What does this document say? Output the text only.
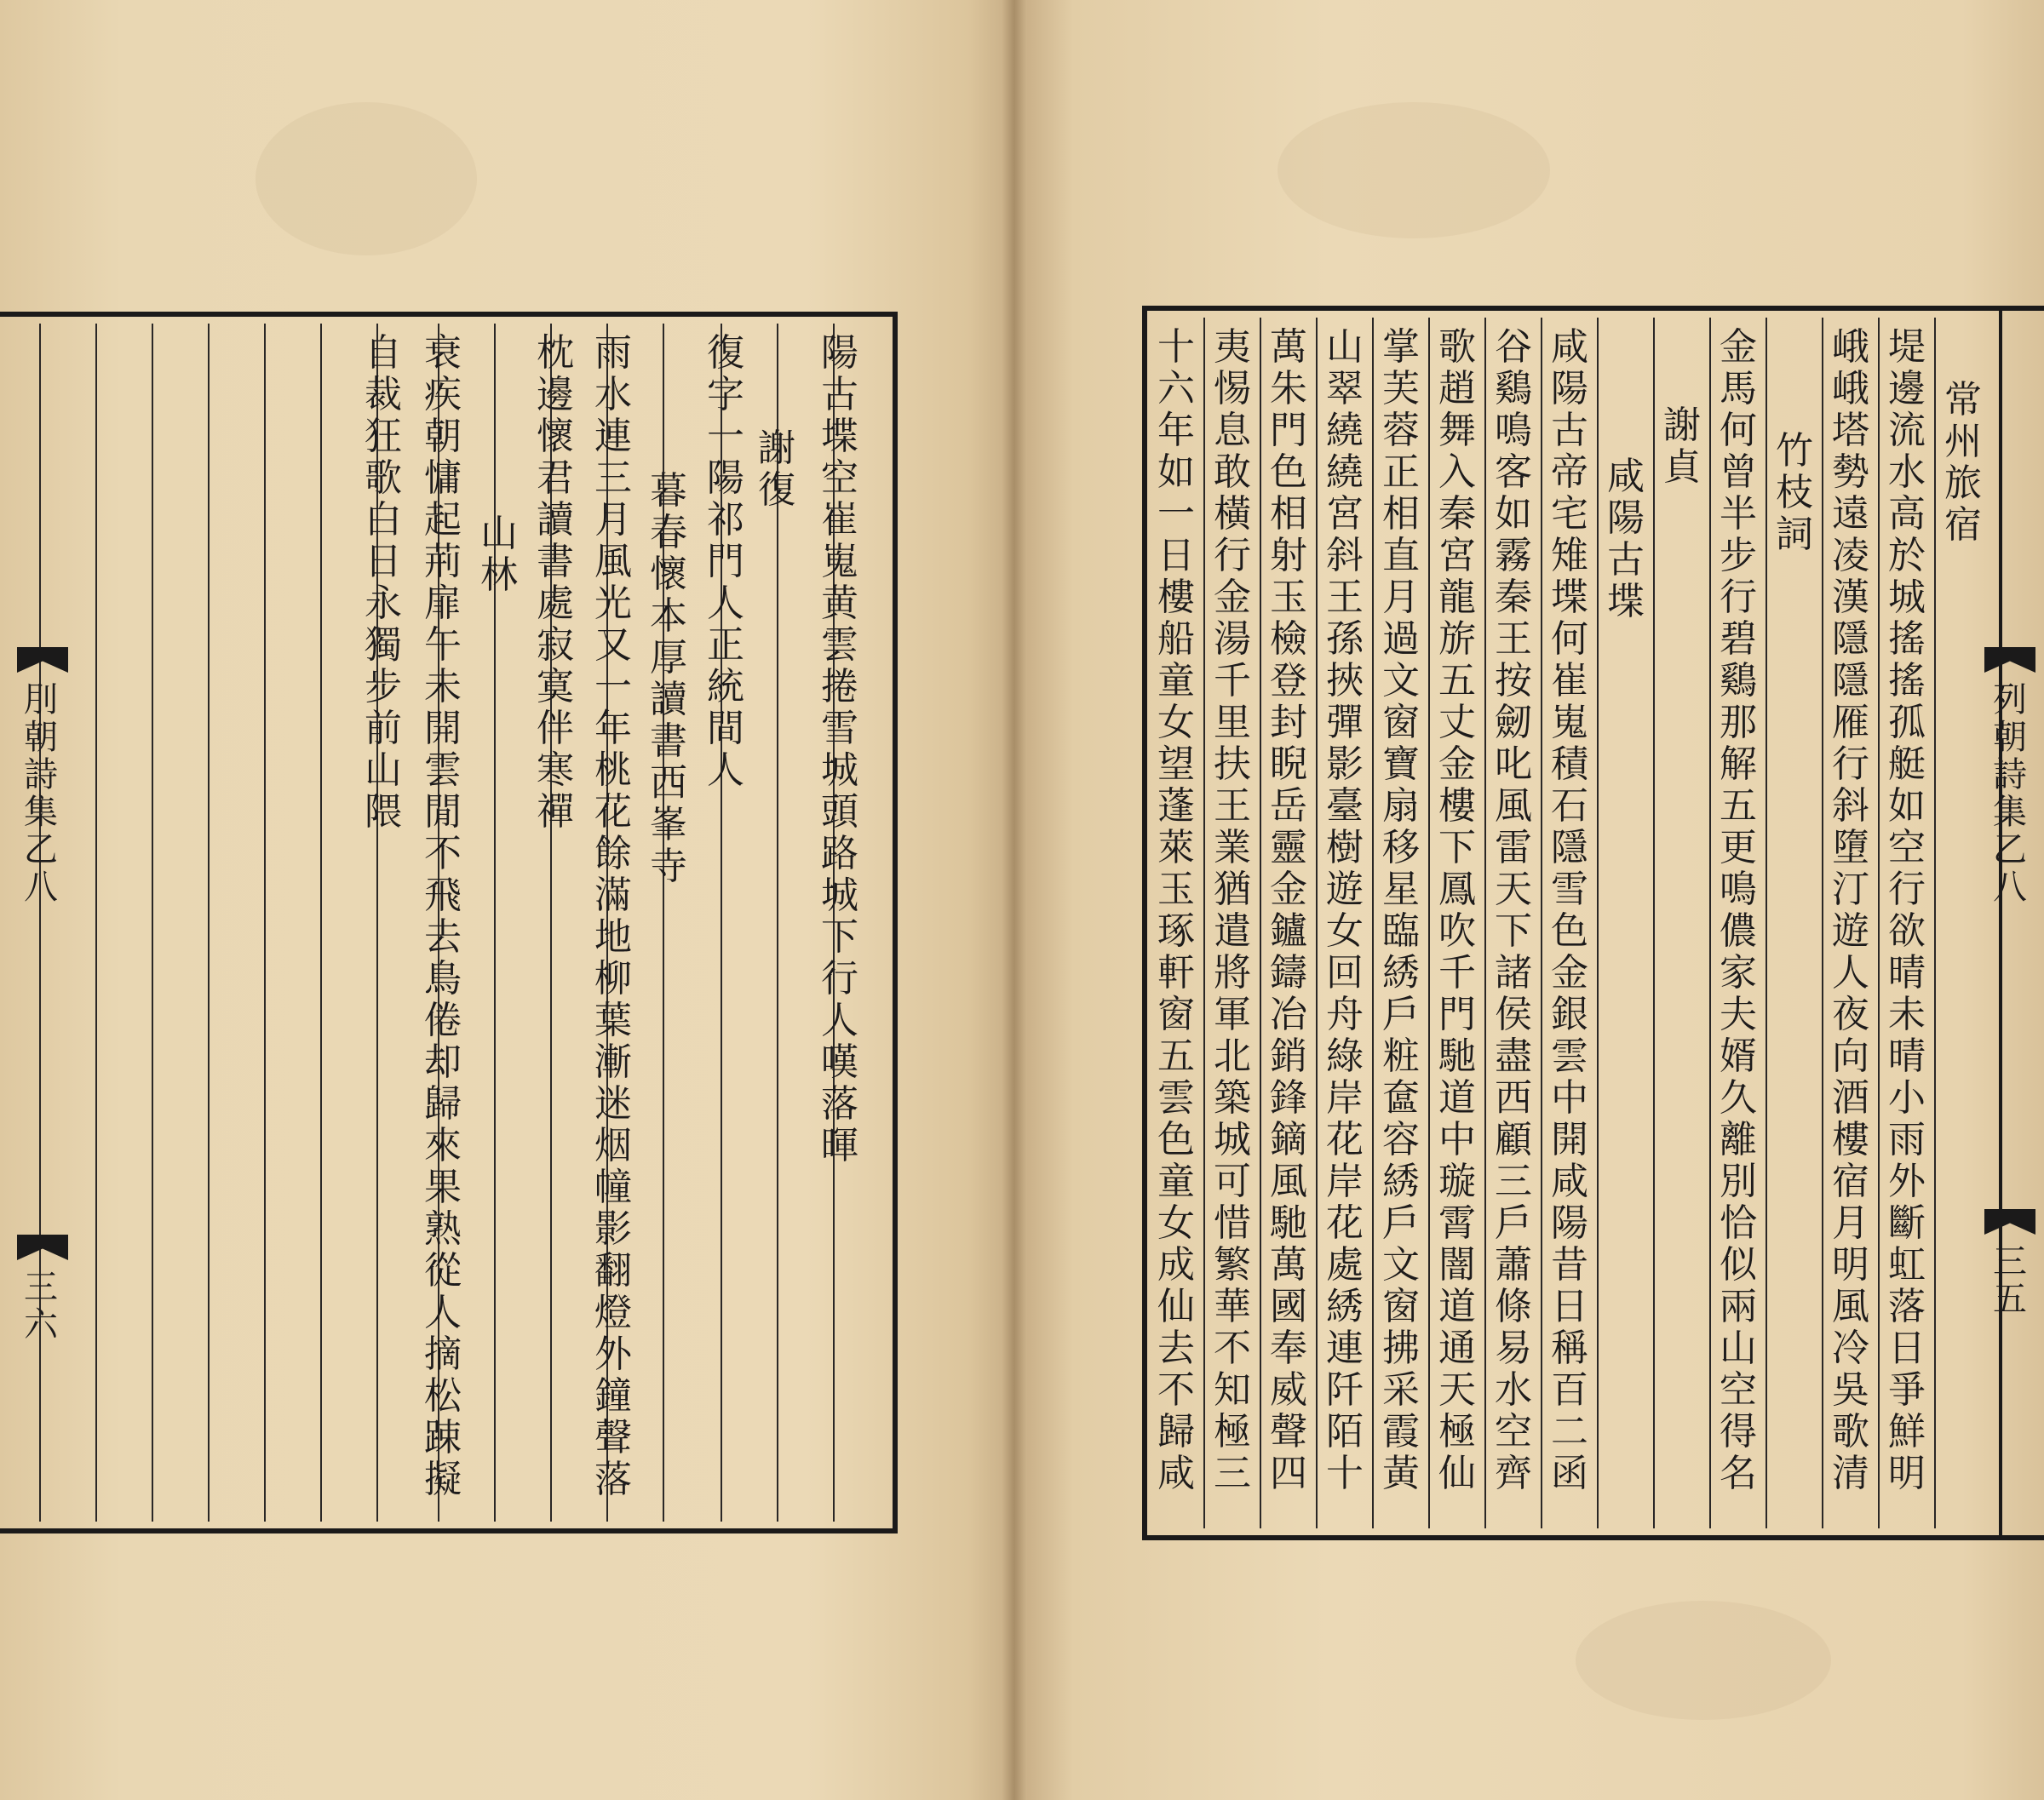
陽
古
堞
空
崔
嵬
黄
雲
捲
雪
城
頭
路
城
下
行
人
嘆
落
暉
復
字
一
陽
祁
門
人
正
統
間
人
謝
復
暮
春
懷
本
厚
讀
書
西
峯
寺
雨
水
連
三
月
風
光
又
一
年
桃
花
餘
滿
地
柳
葉
漸
迷
烟
幢
影
翻
燈
外
鐘
聲
落
枕
邊
懷
君
讀
書
處
寂
寞
伴
寒
禪
山
林
衰
疾
朝
慵
起
荊
扉
午
未
開
雲
閒
不
飛
去
鳥
倦
却
歸
來
果
熟
從
人
摘
松
踈
擬
自
裁
狂
歌
白
日
永
獨
步
前
山
隈
刖
朝
詩
集
乙
八
三
六
常
州
旅
宿
堤
邊
流
水
高
於
城
搖
搖
孤
艇
如
空
行
欲
晴
未
晴
小
雨
外
斷
虹
落
日
爭
鮮
明
峨
峨
塔
勢
遠
凌
漢
隱
隱
雁
行
斜
墮
汀
遊
人
夜
向
酒
樓
宿
月
明
風
冷
吳
歌
清
竹
枝
詞
金
馬
何
曾
半
步
行
碧
鷄
那
解
五
更
鳴
儂
家
夫
婿
久
離
別
恰
似
兩
山
空
得
名
謝
貞
咸
陽
古
堞
咸
陽
古
帝
宅
雉
堞
何
崔
嵬
積
石
隱
雪
色
金
銀
雲
中
開
咸
陽
昔
日
稱
百
二
函
谷
鷄
鳴
客
如
霧
秦
王
按
劒
叱
風
雷
天
下
諸
侯
盡
西
顧
三
戶
蕭
條
易
水
空
齊
歌
趙
舞
入
秦
宮
龍
旂
五
丈
金
樓
下
鳳
吹
千
門
馳
道
中
璇
霄
闇
道
通
天
極
仙
掌
芙
蓉
正
相
直
月
過
文
窗
寶
扇
移
星
臨
綉
戶
粧
奩
容
綉
戶
文
窗
拂
采
霞
黃
山
翠
繞
繞
宮
斜
王
孫
挾
彈
影
臺
樹
遊
女
回
舟
綠
岸
花
岸
花
處
綉
連
阡
陌
十
萬
朱
門
色
相
射
玉
檢
登
封
睨
岳
靈
金
鑪
鑄
冶
銷
鋒
鏑
風
馳
萬
國
奉
威
聲
四
夷
惕
息
敢
橫
行
金
湯
千
里
扶
王
業
猶
遣
將
軍
北
築
城
可
惜
繁
華
不
知
極
三
十
六
年
如
一
日
樓
船
童
女
望
蓬
萊
玉
琢
軒
窗
五
雲
色
童
女
成
仙
去
不
歸
咸
列
朝
詩
集
乙
八
三
五
